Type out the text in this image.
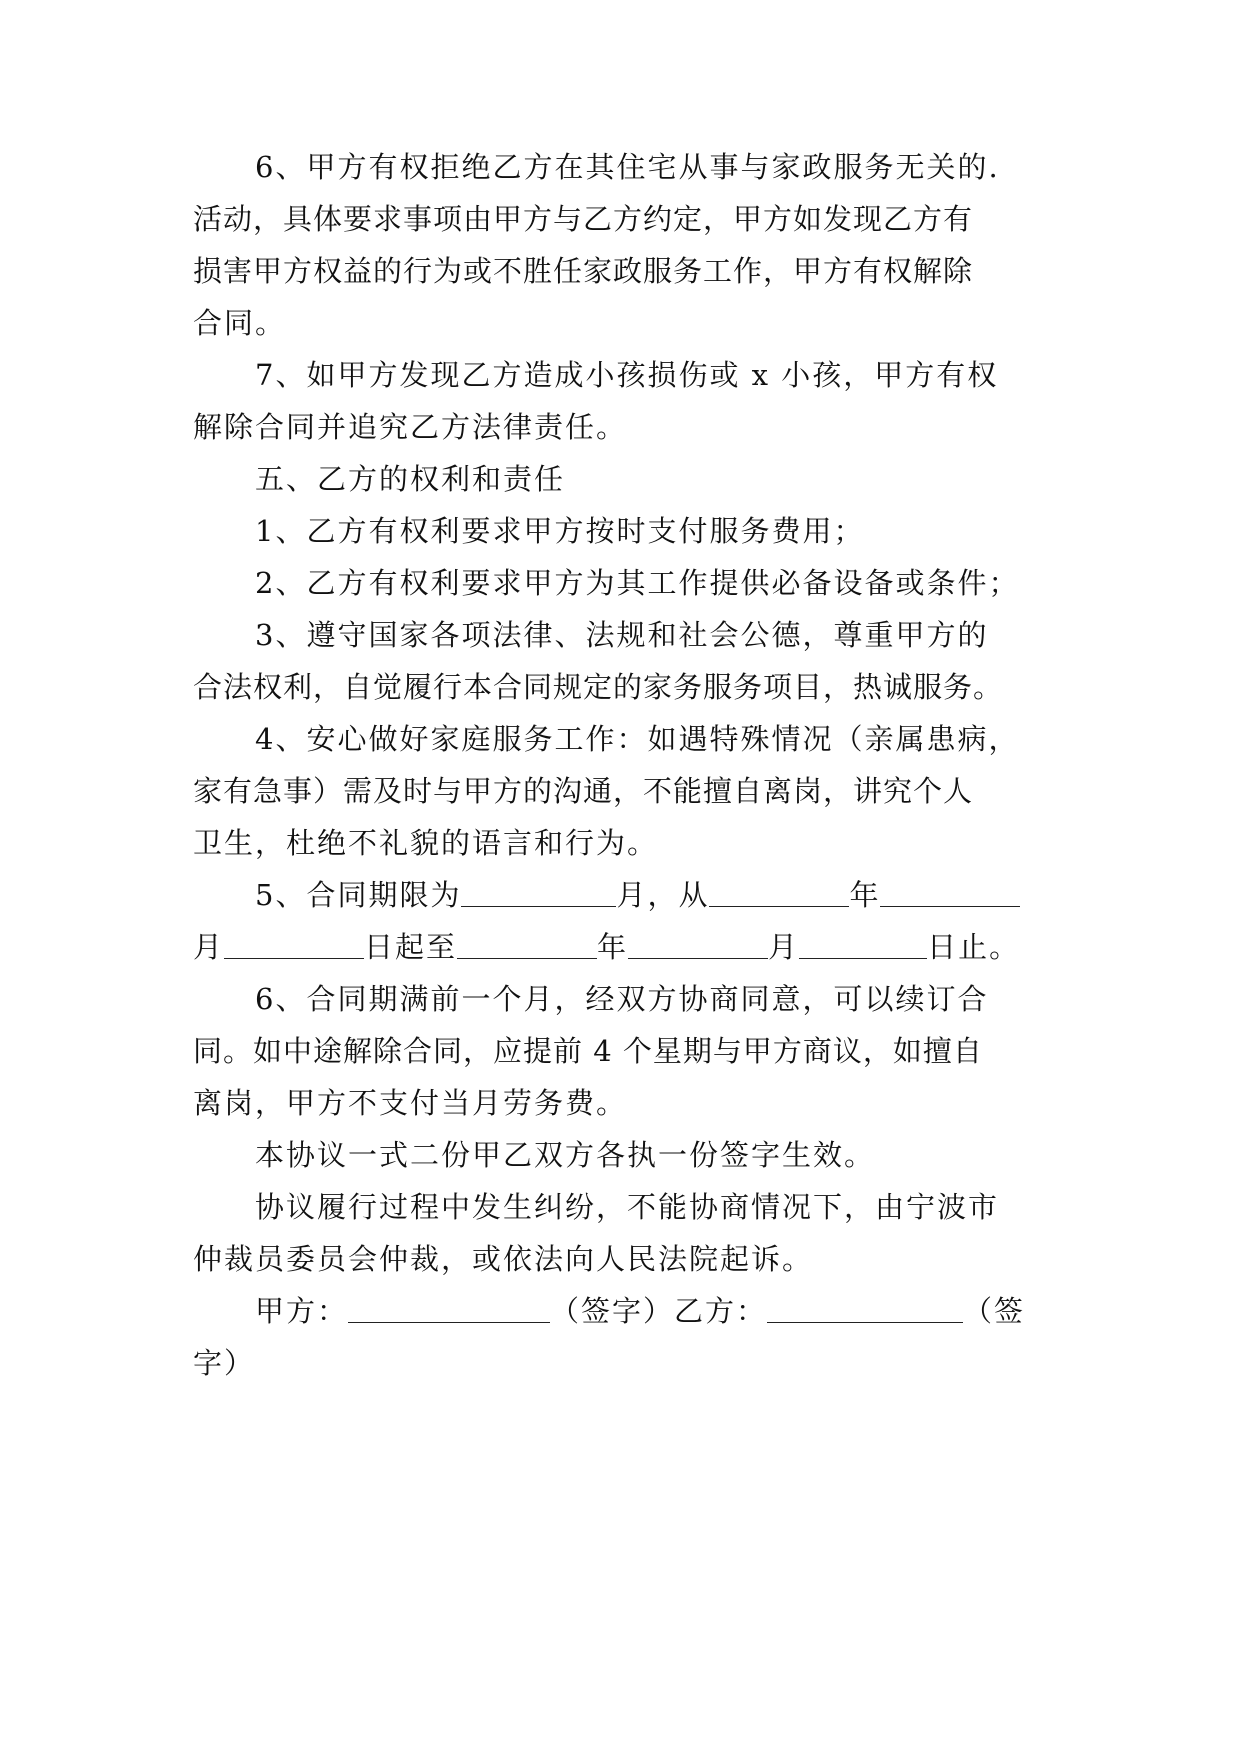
6、甲方有权拒绝乙方在其住宅从事与家政服务无关的.
活动，具体要求事项由甲方与乙方约定，甲方如发现乙方有
损害甲方权益的行为或不胜任家政服务工作，甲方有权解除
合同。
7、如甲方发现乙方造成小孩损伤或 x 小孩，甲方有权
解除合同并追究乙方法律责任。
五、乙方的权利和责任
1、乙方有权利要求甲方按时支付服务费用；
2、乙方有权利要求甲方为其工作提供必备设备或条件；
3、遵守国家各项法律、法规和社会公德，尊重甲方的
合法权利，自觉履行本合同规定的家务服务项目，热诚服务。
4、安心做好家庭服务工作：如遇特殊情况（亲属患病，
家有急事）需及时与甲方的沟通，不能擅自离岗，讲究个人
卫生，杜绝不礼貌的语言和行为。
5、合同期限为	月，从	年
月	日起至	年	月	日止。
6、合同期满前一个月，经双方协商同意，可以续订合
同。如中途解除合同，应提前 4 个星期与甲方商议，如擅自
离岗，甲方不支付当月劳务费。
本协议一式二份甲乙双方各执一份签字生效。
协议履行过程中发生纠纷，不能协商情况下，由宁波市
仲裁员委员会仲裁，或依法向人民法院起诉。
甲方：	（签字）乙方：	（签
字）
